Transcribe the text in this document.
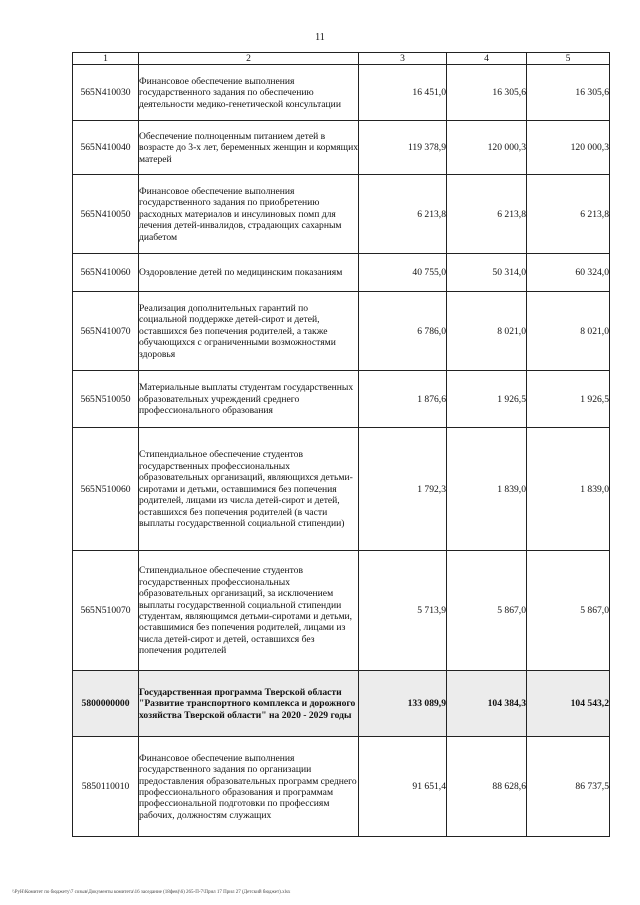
11
1	2	3	4	5
565N410030	Финансовое обеспечение выполнения государственного задания по обеспечению деятельности медико-генетической консультации	16 451,0	16 305,6	16 305,6
565N410040	Обеспечение полноценным питанием детей в возрасте до 3-х лет, беременных женщин и кормящих матерей	119 378,9	120 000,3	120 000,3
565N410050	Финансовое обеспечение выполнения государственного задания по приобретению расходных материалов и инсулиновых помп для лечения детей-инвалидов, страдающих сахарным диабетом	6 213,8	6 213,8	6 213,8
565N410060	Оздоровление детей по медицинским показаниям	40 755,0	50 314,0	60 324,0
565N410070	Реализация дополнительных гарантий по социальной поддержке детей-сирот и детей, оставшихся без попечения родителей, а также обучающихся с ограниченными возможностями здоровья	6 786,0	8 021,0	8 021,0
565N510050	Материальные выплаты студентам государственных образовательных учреждений среднего профессионального образования	1 876,6	1 926,5	1 926,5
565N510060	Стипендиальное обеспечение студентов государственных профессиональных образовательных организаций, являющихся детьми-сиротами и детьми, оставшимися без попечения родителей, лицами из числа детей-сирот и детей, оставшихся без попечения родителей (в части выплаты государственной социальной стипендии)	1 792,3	1 839,0	1 839,0
565N510070	Стипендиальное обеспечение студентов государственных профессиональных образовательных организаций, за исключением выплаты государственной социальной стипендии студентам, являющимся детьми-сиротами и детьми, оставшимися без попечения родителей, лицами из числа детей-сирот и детей, оставшихся без попечения родителей	5 713,9	5 867,0	5 867,0
5800000000	Государственная программа Тверской области "Развитие транспортного комплекса и дорожного хозяйства Тверской области" на 2020 - 2029 годы	133 089,9	104 384,3	104 543,2
5850110010	Финансовое обеспечение выполнения государственного задания по организации предоставления образовательных программ среднего профессионального образования и программам профессиональной подготовки по профессиям рабочих, должностям служащих	91 651,4	88 628,6	86 737,5
\\PyH\Комитет по бюджету\7 созыв\Документы комитета\16 заседание (18фев)\6) 265-П-7\Прил 17 Прил 27 (Детский бюджет).xlsx
